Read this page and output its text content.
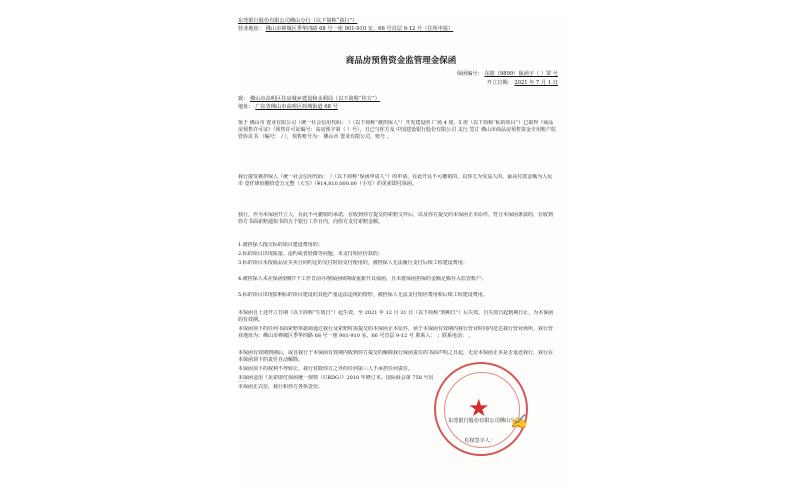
东莞银行股份有限公司佛山分行（以下简称“我行”）
营业地址： 佛山市禅城区季华四路 68 号一座 901-910 室、66 号首层 9-12 号（住所申报）
商品房预售资金监管理金保函
保函编号： 东银（9899）保函字（ ）罩 号
开立日期： 2021 年 7 月 1 日
致： 佛山市高明区住房城乡建设和水利局（以下简称“你方”）
地址： 广东省佛山市高明区荷城街道 68 号
鉴于 佛山市 置业有限公司（统一社会信用代码： ）（以下简称“被担保人”）开发建设的 广场 4 座、5 座（以下简称“标的项目”）已取得《商品房预售许可证》（预售许可证编号：高房预字第（ ）号），且已与你方及 中国建设银行股份有限公司 支行 签订 佛山市商品房预售资金专用账户监管协议书 （编号： / ），预售账号为： 佛山市 置业有限公司，账号 。
我行接受被担保人（统一社会信用代码： ）（以下简称“保函申请人”）的申请，在此开具不可撤销的，以你方为受益人的，最高付款金额为人民币 壹仟肆佰捌拾壹万元整（大写）（¥14,810,000.00（小写）的见索即付保函。
我行，作为本保函开立人，在此不可撤销的承诺，在收到你方提交的索赔文件后，以及你方提交的本保函正本原件，符合本保函条款的，在收到你方书面索赔通知书的五个银行工作日内，向你方支付索赔金额。
1.被担保人拖欠标的项目建设费用的；
2.标的项目出现质量、违约或者轻微等问题，未支付相应价款的；
3.标的项目未按商品房买卖合同约定的交付时间交付使用的，被担保人无法履行支付后续工程建设费用；
4.被担保人未在保函到期7个工作日前办理保函续期或重新开具保函，且未将保函担保的金额足额存入监管账户；
5.标的项目出现影响标的项目建设的其他严重违法违规的情形，被担保人无法支付相应费用和后续工程建设费用。
本保函自上述开立日期（以下简称“生效日”）起生效，至 2021 年 12 月 31 日（以下简称“到期日”）后失效。自失效日起到期日止，为本保函的有效期。
本保函项下的任何书面索赔单据须通过我行及索赔时需提交的本保函正本原件，须于本保函有效期内我行营业时间内送达我行营业场所。我行营业地址为：佛山市禅城区季华四路 68 号一座 901-910 室、66 号首层 9-12 号 联系人： ；联系电话： 。
本保函有效期到期后，或自我行于本保函有效期内收到你方提交的解除我行保函责任的书面声明之日起，无论本保函正本是否退还我行，我行在本保函项下的责任自动解除。
本保函项下的权利不得转让，我行对除你方之外的任何第三人不承担任何责任。
本保函适用《见索即付保函统一规则（URDG）》2010 年修订本。国际商会第 758 号出
本保函正式份，我行和你方各执壹份。
★
东莞银行股份有限公司佛山分行
有权签字人：
✍
